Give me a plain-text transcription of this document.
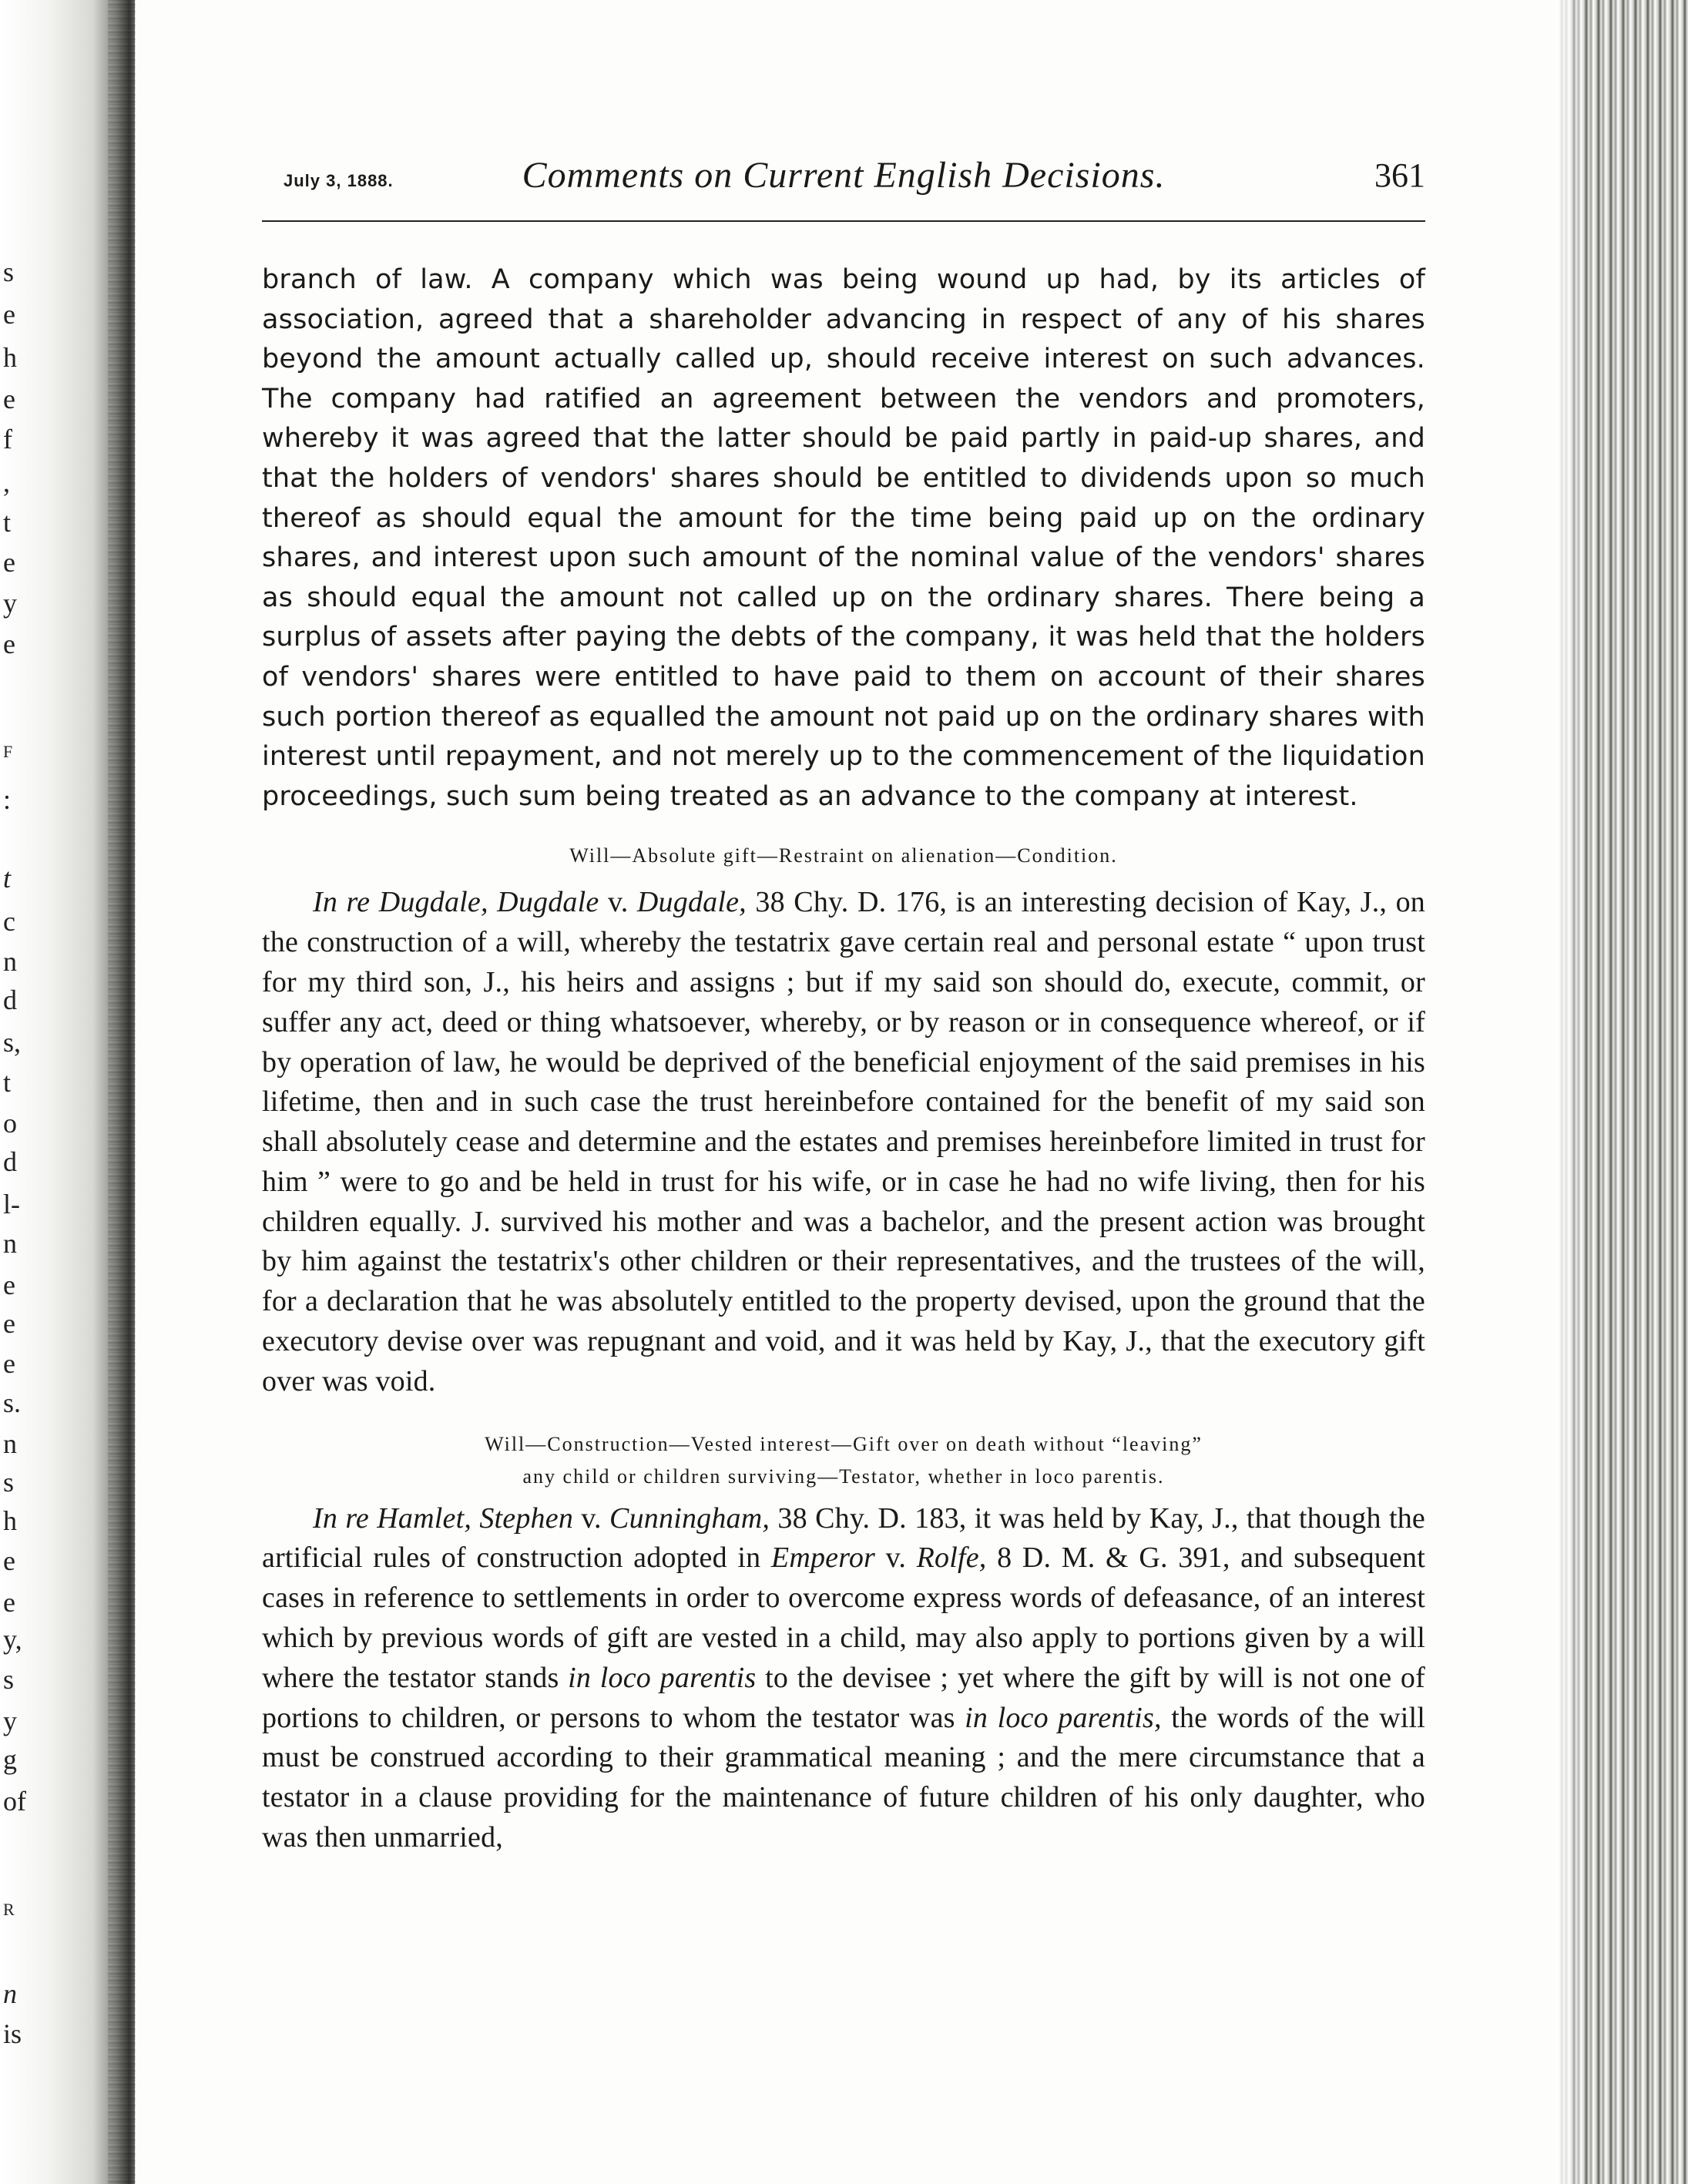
s
e
h
e
f
,
t
e
y
e
F
:
t
c
n
d
s,
t
o
d
l-
n
e
e
e
s.
n
s
h
e
e
y,
s
y
g
of
R
n
is
July 3, 1888.	Comments on Current English Decisions.	361

branch of law. A company which was being wound up had, by its articles of association, agreed that a shareholder advancing in respect of any of his shares beyond the amount actually called up, should receive interest on such advances. The company had ratified an agreement between the vendors and promoters, whereby it was agreed that the latter should be paid partly in paid-up shares, and that the holders of vendors' shares should be entitled to dividends upon so much thereof as should equal the amount for the time being paid up on the ordinary shares, and interest upon such amount of the nominal value of the vendors' shares as should equal the amount not called up on the ordinary shares. There being a surplus of assets after paying the debts of the company, it was held that the holders of vendors' shares were entitled to have paid to them on account of their shares such portion thereof as equalled the amount not paid up on the ordinary shares with interest until repayment, and not merely up to the commencement of the liquidation proceedings, such sum being treated as an advance to the company at interest.

Will—Absolute gift—Restraint on alienation—Condition.

In re Dugdale, Dugdale v. Dugdale, 38 Chy. D. 176, is an interesting decision of Kay, J., on the construction of a will, whereby the testatrix gave certain real and personal estate “ upon trust for my third son, J., his heirs and assigns ; but if my said son should do, execute, commit, or suffer any act, deed or thing whatsoever, whereby, or by reason or in consequence whereof, or if by operation of law, he would be deprived of the beneficial enjoyment of the said premises in his lifetime, then and in such case the trust hereinbefore contained for the benefit of my said son shall absolutely cease and determine and the estates and premises hereinbefore limited in trust for him ” were to go and be held in trust for his wife, or in case he had no wife living, then for his children equally. J. survived his mother and was a bachelor, and the present action was brought by him against the testatrix's other children or their representatives, and the trustees of the will, for a declaration that he was absolutely entitled to the property devised, upon the ground that the executory devise over was repugnant and void, and it was held by Kay, J., that the executory gift over was void.

Will—Construction—Vested interest—Gift over on death without “leaving”
any child or children surviving—Testator, whether in loco parentis.

In re Hamlet, Stephen v. Cunningham, 38 Chy. D. 183, it was held by Kay, J., that though the artificial rules of construction adopted in Emperor v. Rolfe, 8 D. M. & G. 391, and subsequent cases in reference to settlements in order to overcome express words of defeasance, of an interest which by previous words of gift are vested in a child, may also apply to portions given by a will where the testator stands in loco parentis to the devisee ; yet where the gift by will is not one of portions to children, or persons to whom the testator was in loco parentis, the words of the will must be construed according to their grammatical meaning ; and the mere circumstance that a testator in a clause providing for the maintenance of future children of his only daughter, who was then unmarried,
